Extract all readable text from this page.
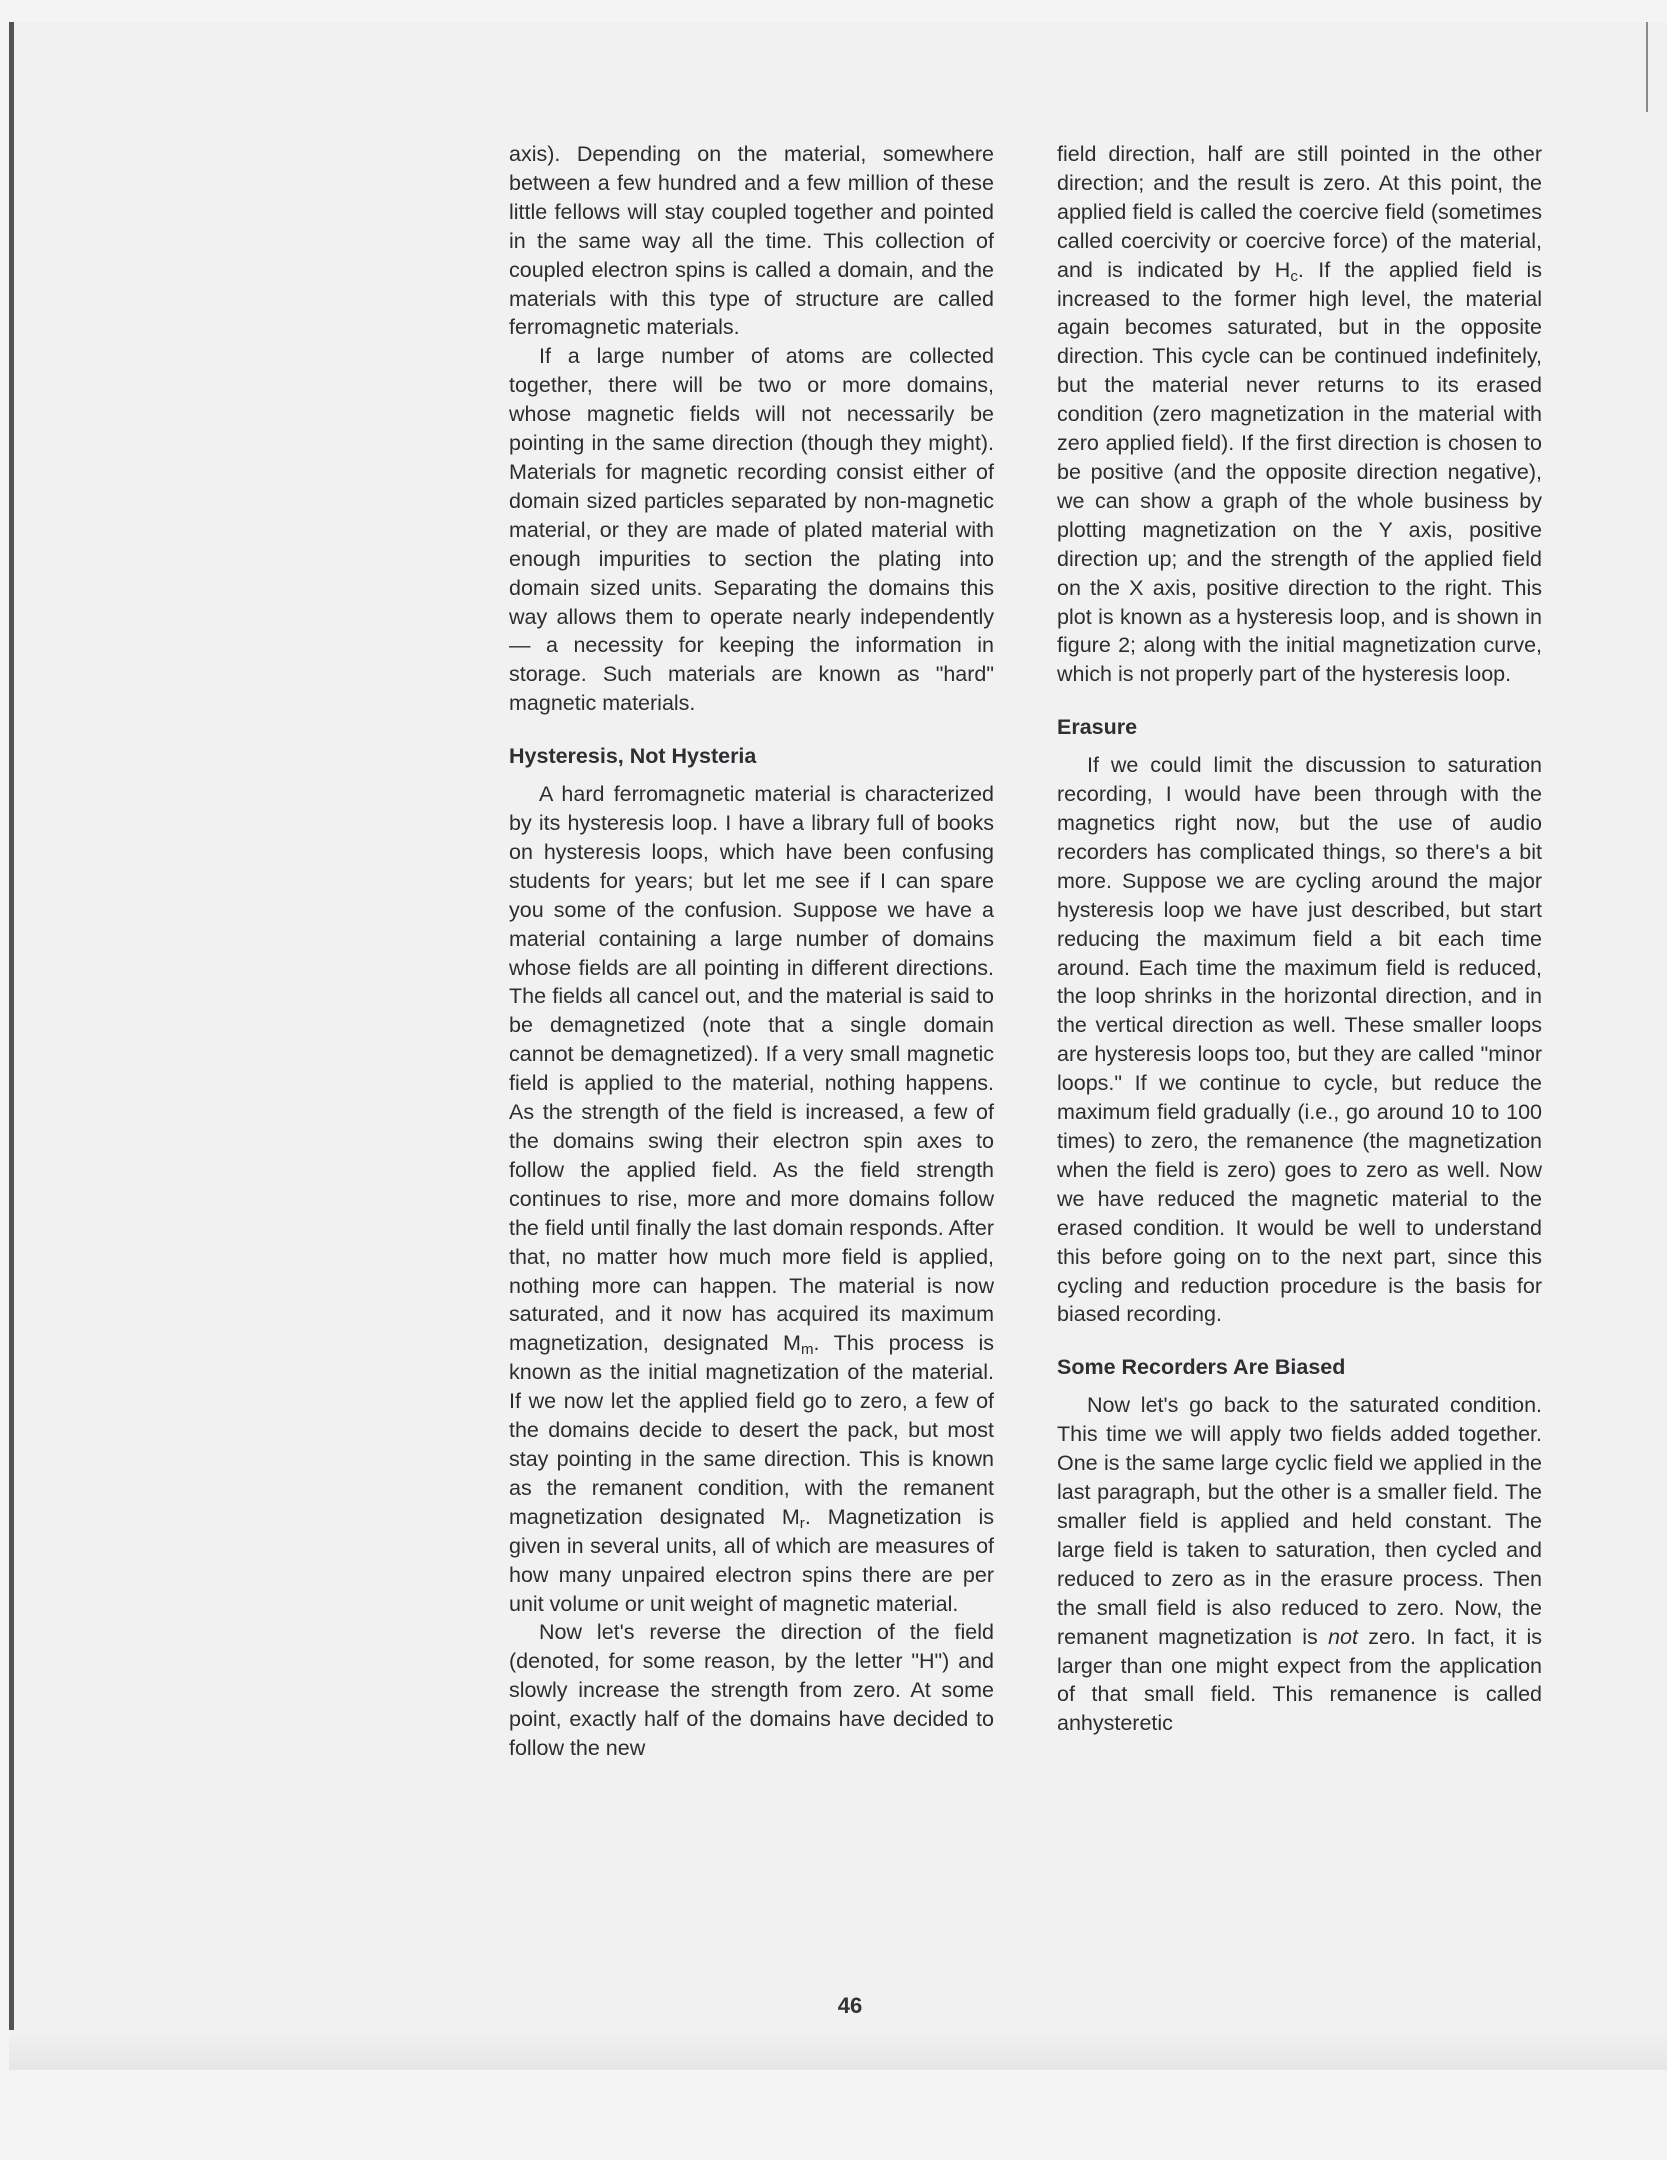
axis). Depending on the material, somewhere between a few hundred and a few million of these little fellows will stay coupled together and pointed in the same way all the time. This collection of coupled electron spins is called a domain, and the materials with this type of structure are called ferromagnetic materials.

If a large number of atoms are collected together, there will be two or more domains, whose magnetic fields will not necessarily be pointing in the same direction (though they might). Materials for magnetic recording consist either of domain sized particles separated by non-magnetic material, or they are made of plated material with enough impurities to section the plating into domain sized units. Separating the domains this way allows them to operate nearly independently — a necessity for keeping the information in storage. Such materials are known as "hard" magnetic materials.

Hysteresis, Not Hysteria

A hard ferromagnetic material is characterized by its hysteresis loop. I have a library full of books on hysteresis loops, which have been confusing students for years; but let me see if I can spare you some of the confusion. Suppose we have a material containing a large number of domains whose fields are all pointing in different directions. The fields all cancel out, and the material is said to be demagnetized (note that a single domain cannot be demagnetized). If a very small magnetic field is applied to the material, nothing happens. As the strength of the field is increased, a few of the domains swing their electron spin axes to follow the applied field. As the field strength continues to rise, more and more domains follow the field until finally the last domain responds. After that, no matter how much more field is applied, nothing more can happen. The material is now saturated, and it now has acquired its maximum magnetization, designated $M_m$. This process is known as the initial magnetization of the material. If we now let the applied field go to zero, a few of the domains decide to desert the pack, but most stay pointing in the same direction. This is known as the remanent condition, with the remanent magnetization designated $M_r$. Magnetization is given in several units, all of which are measures of how many unpaired electron spins there are per unit volume or unit weight of magnetic material.

Now let's reverse the direction of the field (denoted, for some reason, by the letter "H") and slowly increase the strength from zero. At some point, exactly half of the domains have decided to follow the new

field direction, half are still pointed in the other direction; and the result is zero. At this point, the applied field is called the coercive field (sometimes called coercivity or coercive force) of the material, and is indicated by $H_c$. If the applied field is increased to the former high level, the material again becomes saturated, but in the opposite direction. This cycle can be continued indefinitely, but the material never returns to its erased condition (zero magnetization in the material with zero applied field). If the first direction is chosen to be positive (and the opposite direction negative), we can show a graph of the whole business by plotting magnetization on the Y axis, positive direction up; and the strength of the applied field on the X axis, positive direction to the right. This plot is known as a hysteresis loop, and is shown in figure 2; along with the initial magnetization curve, which is not properly part of the hysteresis loop.

Erasure

If we could limit the discussion to saturation recording, I would have been through with the magnetics right now, but the use of audio recorders has complicated things, so there's a bit more. Suppose we are cycling around the major hysteresis loop we have just described, but start reducing the maximum field a bit each time around. Each time the maximum field is reduced, the loop shrinks in the horizontal direction, and in the vertical direction as well. These smaller loops are hysteresis loops too, but they are called "minor loops." If we continue to cycle, but reduce the maximum field gradually (i.e., go around 10 to 100 times) to zero, the remanence (the magnetization when the field is zero) goes to zero as well. Now we have reduced the magnetic material to the erased condition. It would be well to understand this before going on to the next part, since this cycling and reduction procedure is the basis for biased recording.

Some Recorders Are Biased

Now let's go back to the saturated condition. This time we will apply two fields added together. One is the same large cyclic field we applied in the last paragraph, but the other is a smaller field. The smaller field is applied and held constant. The large field is taken to saturation, then cycled and reduced to zero as in the erasure process. Then the small field is also reduced to zero. Now, the remanent magnetization is not zero. In fact, it is larger than one might expect from the application of that small field. This remanence is called anhysteretic

46
